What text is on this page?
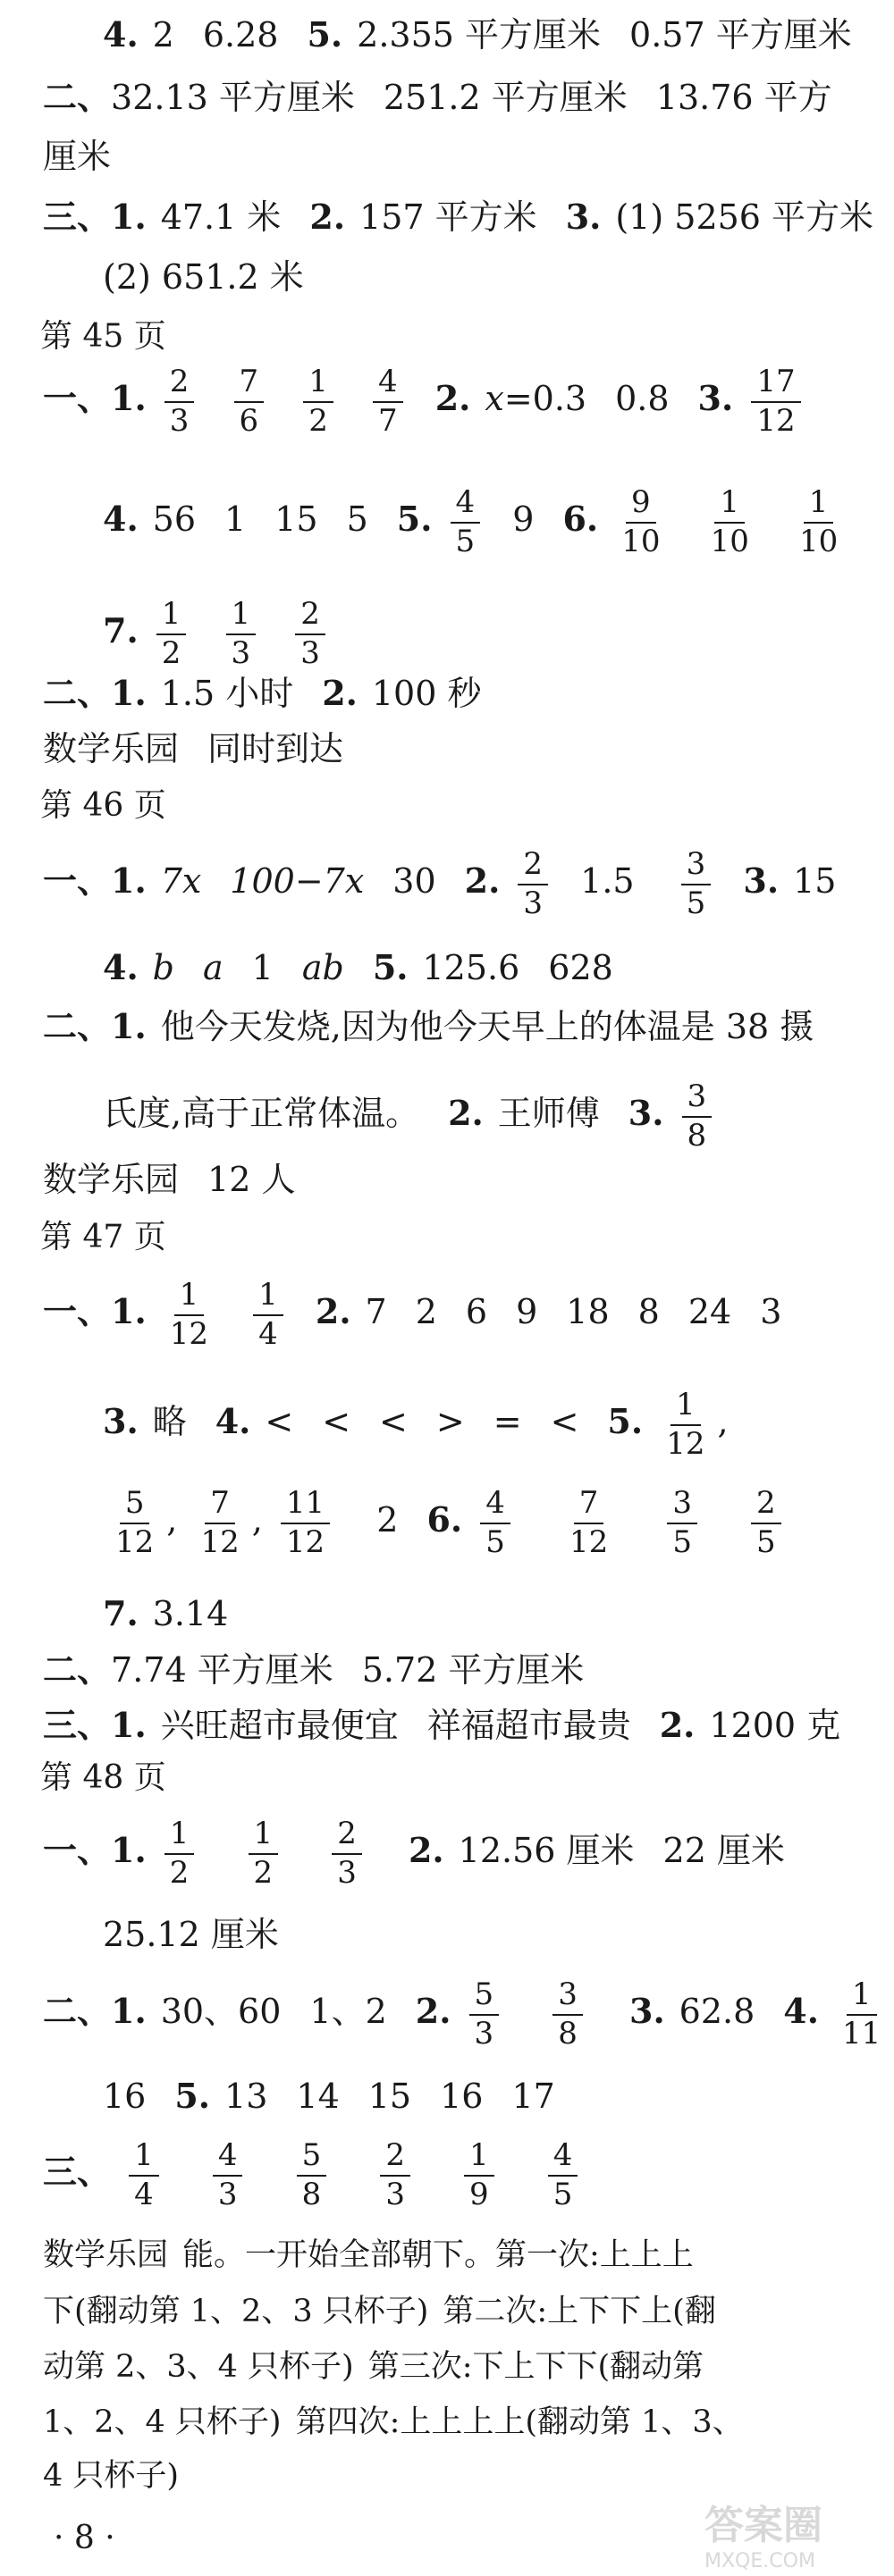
4. 2 6.28 5. 2.355 平方厘米 0.57 平方厘米
二、32.13 平方厘米 251.2 平方厘米 13.76 平方
厘米
三、1. 47.1 米 2. 157 平方米 3. (1) 5256 平方米
(2) 651.2 米
第 45 页
一、1. $\frac{2}{3}$
$\frac{7}{6}$
$\frac{1}{2}$
$\frac{4}{7} 2$. x=0.3 0.8 3. $\frac{17}{12}$
4. 56 1 15 5 5. $\frac{4}{5} 9$ 6. $\frac{9}{10}$
$\frac{1}{10}$
$\frac{1}{10}$
7. $\frac{1}{2}$
$\frac{1}{3}$
$\frac{2}{3}$
二、1. 1.5 小时 2. 100 秒
数学乐园 同时到达
第 46 页
一、1. 7x 100−7x 30 2. $\frac{2}{3} 1.5 \frac{3}{5} 3$. 15
4. b a 1 ab 5. 125.6 628
二、1. 他今天发烧,因为他今天早上的体温是 38 摄
氏度,高于正常体温。 2. 王师傅 3. $\frac{3}{8}$
数学乐园 12 人
第 47 页
一、1. $\frac{1}{12}$
$\frac{1}{4} 2$. 7 2 6 9 18 8 24 3
3. 略 4. < < < > = < 5. $\frac{1}{12}$ ,
$\frac{5}{12}$ , $\frac{7}{12}$ , $\frac{11}{12} 2$ 6. $\frac{4}{5}$
$\frac{7}{12}$
$\frac{3}{5}$
$\frac{2}{5}$
7. 3.14
二、7.74 平方厘米 5.72 平方厘米
三、1. 兴旺超市最便宜 祥福超市最贵 2. 1200 克
第 48 页
一、1. $\frac{1}{2}$
$\frac{1}{2}$
$\frac{2}{3} 2$. 12.56 厘米 22 厘米
25.12 厘米
二、1. 30、60 1、2 2. $\frac{5}{3}$
$\frac{3}{8} 3$. 62.8 4. $\frac{1}{11}$
16 5. 13 14 15 16 17
三、 $\frac{1}{4}$
$\frac{4}{3}$
$\frac{5}{8}$
$\frac{2}{3}$
$\frac{1}{9}$
$\frac{4}{5}$
数学乐园 能。一开始全部朝下。第一次:上上上
下(翻动第 1、2、3 只杯子) 第二次:上下下上(翻
动第 2、3、4 只杯子) 第三次:下上下下(翻动第
1、2、4 只杯子) 第四次:上上上上(翻动第 1、3、
4 只杯子)
· 8 ·	答案圈
MXQE.COM
